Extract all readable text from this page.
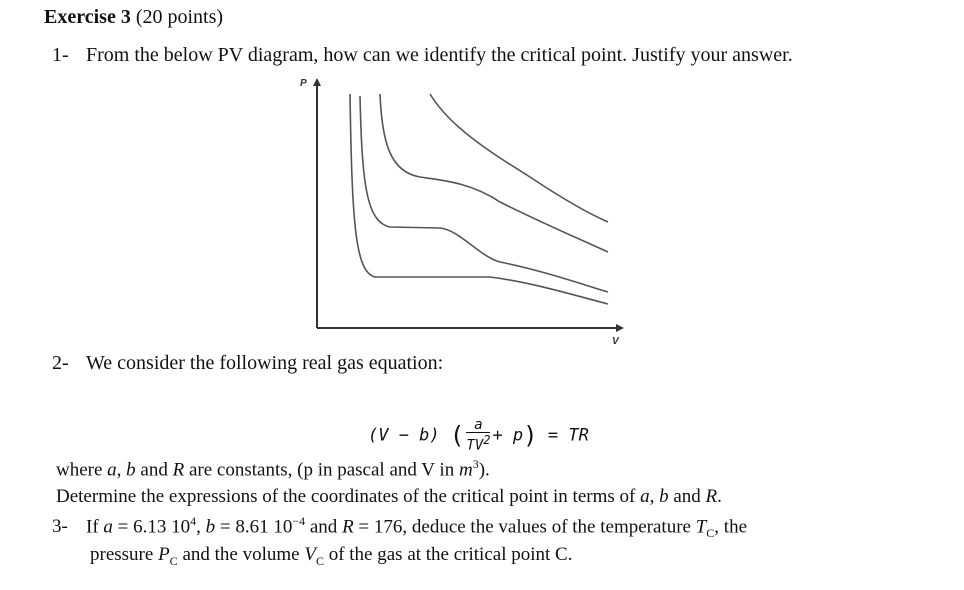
Exercise 3 (20 points)
1- From the below PV diagram, how can we identify the critical point. Justify your answer.
P
V
2- We consider the following real gas equation:
(V − b) ( $\frac{a}{TV^2} + p$) = TR
where a, b and R are constants, (p in pascal and V in $m^3$).
Determine the expressions of the coordinates of the critical point in terms of a, b and R.
3- If a = 6.13 $10^4$, b = 8.61 $10^{-4}$ and R = 176, deduce the values of the temperature $T_C$, the
pressure $P_C$ and the volume $V_C$ of the gas at the critical point C.
